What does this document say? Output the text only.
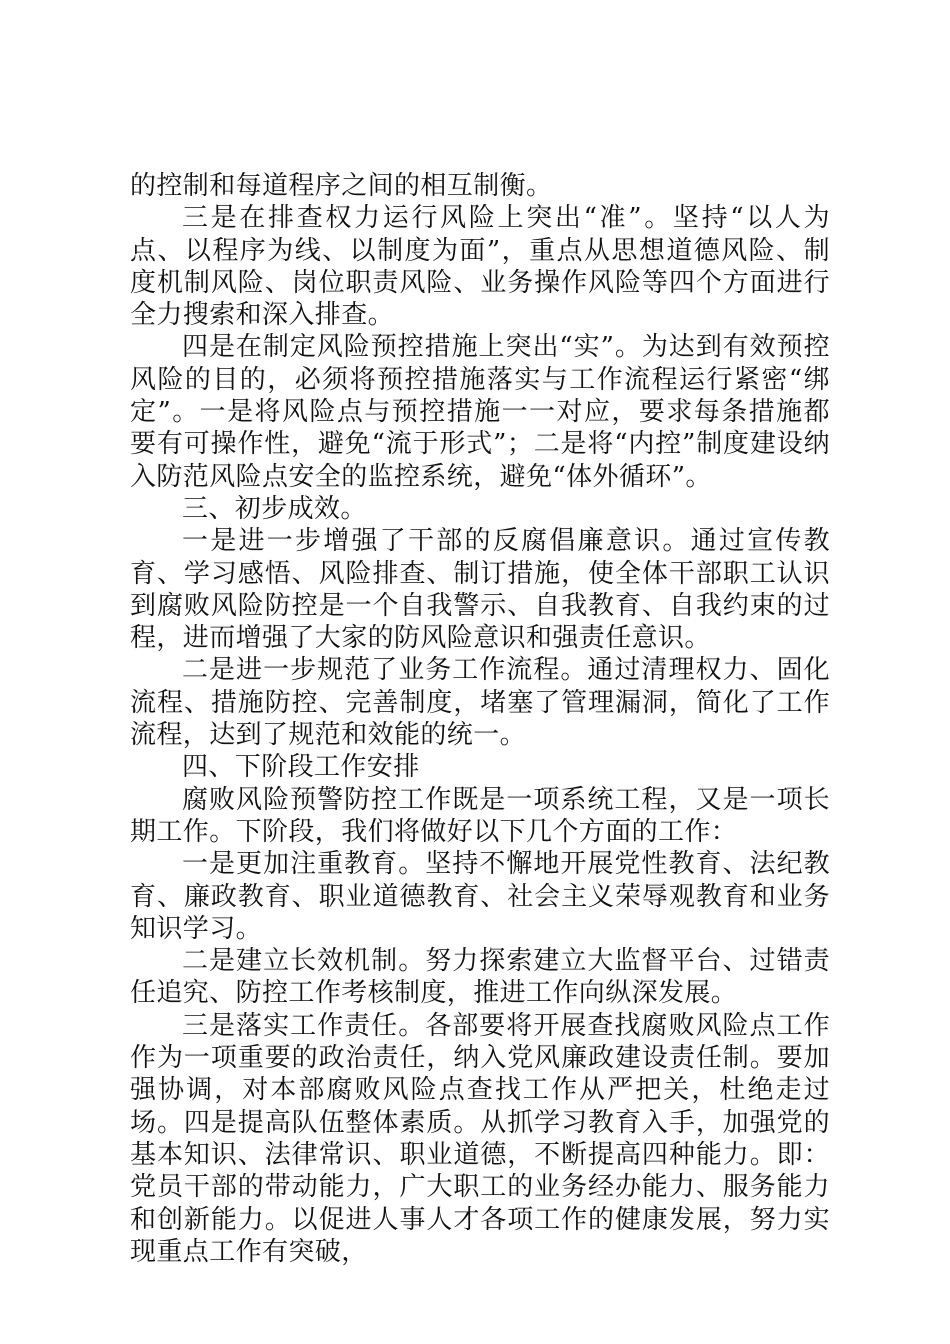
的控制和每道程序之间的相互制衡。

三是在排查权力运行风险上突出“准”。坚持“以人为点、以程序为线、以制度为面”，重点从思想道德风险、制度机制风险、岗位职责风险、业务操作风险等四个方面进行全力搜索和深入排查。

四是在制定风险预控措施上突出“实”。为达到有效预控风险的目的，必须将预控措施落实与工作流程运行紧密“绑定”。一是将风险点与预控措施一一对应，要求每条措施都要有可操作性，避免“流于形式”；二是将“内控”制度建设纳入防范风险点安全的监控系统，避免“体外循环”。

三、初步成效。

一是进一步增强了干部的反腐倡廉意识。通过宣传教育、学习感悟、风险排查、制订措施，使全体干部职工认识到腐败风险防控是一个自我警示、自我教育、自我约束的过程，进而增强了大家的防风险意识和强责任意识。

二是进一步规范了业务工作流程。通过清理权力、固化流程、措施防控、完善制度，堵塞了管理漏洞，简化了工作流程，达到了规范和效能的统一。

四、下阶段工作安排

腐败风险预警防控工作既是一项系统工程，又是一项长期工作。下阶段，我们将做好以下几个方面的工作：

一是更加注重教育。坚持不懈地开展党性教育、法纪教育、廉政教育、职业道德教育、社会主义荣辱观教育和业务知识学习。

二是建立长效机制。努力探索建立大监督平台、过错责任追究、防控工作考核制度，推进工作向纵深发展。

三是落实工作责任。各部要将开展查找腐败风险点工作作为一项重要的政治责任，纳入党风廉政建设责任制。要加强协调，对本部腐败风险点查找工作从严把关，杜绝走过场。四是提高队伍整体素质。从抓学习教育入手，加强党的基本知识、法律常识、职业道德，不断提高四种能力。即：党员干部的带动能力，广大职工的业务经办能力、服务能力和创新能力。以促进人事人才各项工作的健康发展，努力实现重点工作有突破，
